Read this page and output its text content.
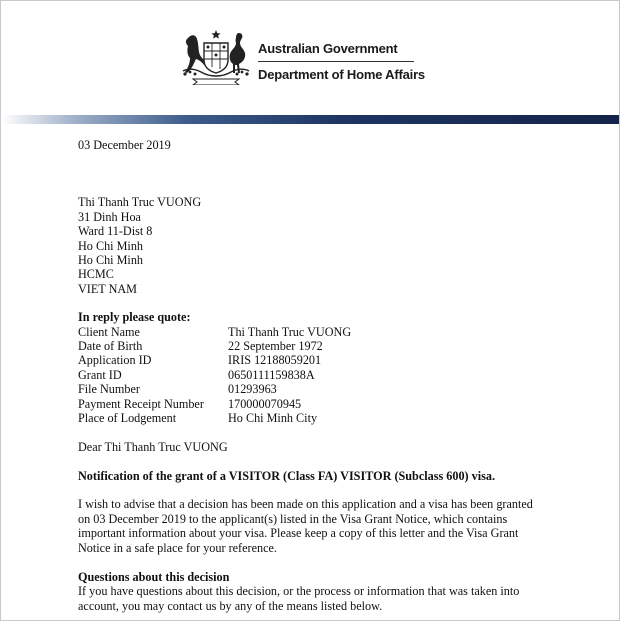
Australian Government
Department of Home Affairs
03 December 2019
Thi Thanh Truc VUONG
31 Dinh Hoa
Ward 11-Dist 8
Ho Chi Minh
Ho Chi Minh
HCMC
VIET NAM
In reply please quote:
Client Name	Thi Thanh Truc VUONG
Date of Birth	22 September 1972
Application ID	IRIS 12188059201
Grant ID	0650111159838A
File Number	01293963
Payment Receipt Number	170000070945
Place of Lodgement	Ho Chi Minh City
Dear Thi Thanh Truc VUONG
Notification of the grant of a VISITOR (Class FA) VISITOR (Subclass 600) visa.
I wish to advise that a decision has been made on this application and a visa has been granted
on 03 December 2019 to the applicant(s) listed in the Visa Grant Notice, which contains
important information about your visa. Please keep a copy of this letter and the Visa Grant
Notice in a safe place for your reference.
Questions about this decision
If you have questions about this decision, or the process or information that was taken into
account, you may contact us by any of the means listed below.
